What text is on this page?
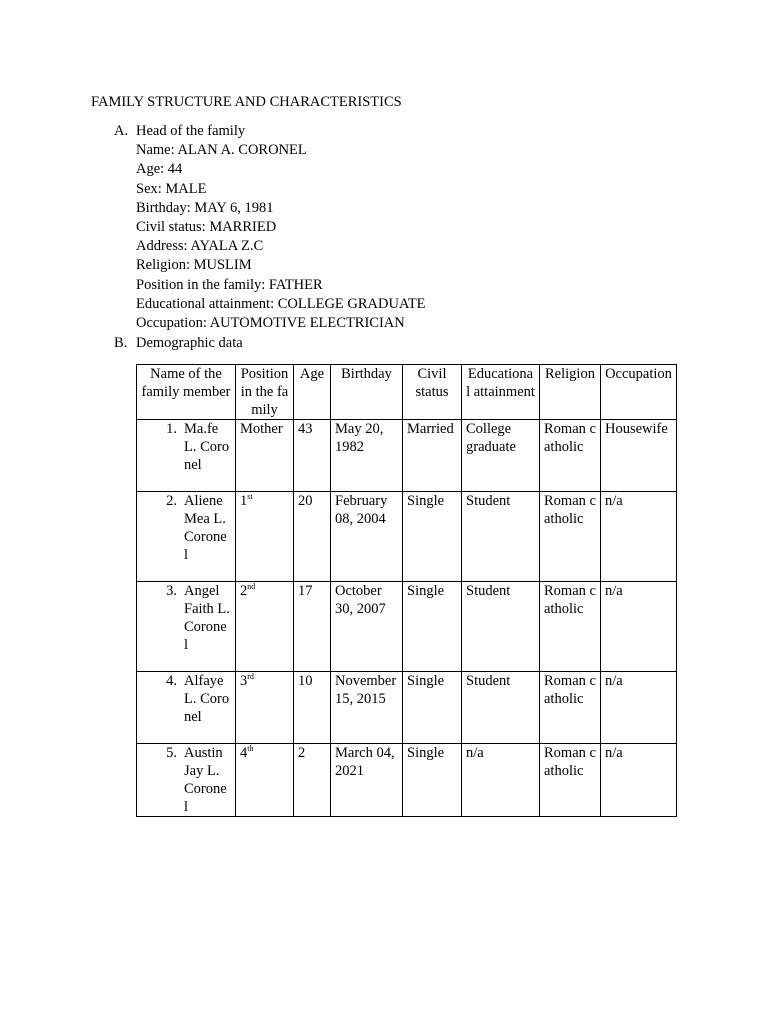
FAMILY STRUCTURE AND CHARACTERISTICS
A. Head of the family
Name: ALAN A. CORONEL
Age: 44
Sex: MALE
Birthday: MAY 6, 1981
Civil status: MARRIED
Address: AYALA Z.C
Religion: MUSLIM
Position in the family: FATHER
Educational attainment: COLLEGE GRADUATE
Occupation: AUTOMOTIVE ELECTRICIAN
B. Demographic data
Name of the family member	Position in the family	Age	Birthday	Civil status	Educational attainment	Religion	Occupation
1. Ma.fe L. Coronel	Mother	43	May 20, 1982	Married	College graduate	Roman catholic	Housewife
2. Aliene Mea L. Coronel	1st	20	February 08, 2004	Single	Student	Roman catholic	n/a
3. Angel Faith L. Coronel	2nd	17	October 30, 2007	Single	Student	Roman catholic	n/a
4. Alfaye L. Coronel	3rd	10	November 15, 2015	Single	Student	Roman catholic	n/a
5. Austin Jay L. Coronel	4th	2	March 04, 2021	Single	n/a	Roman catholic	n/a
